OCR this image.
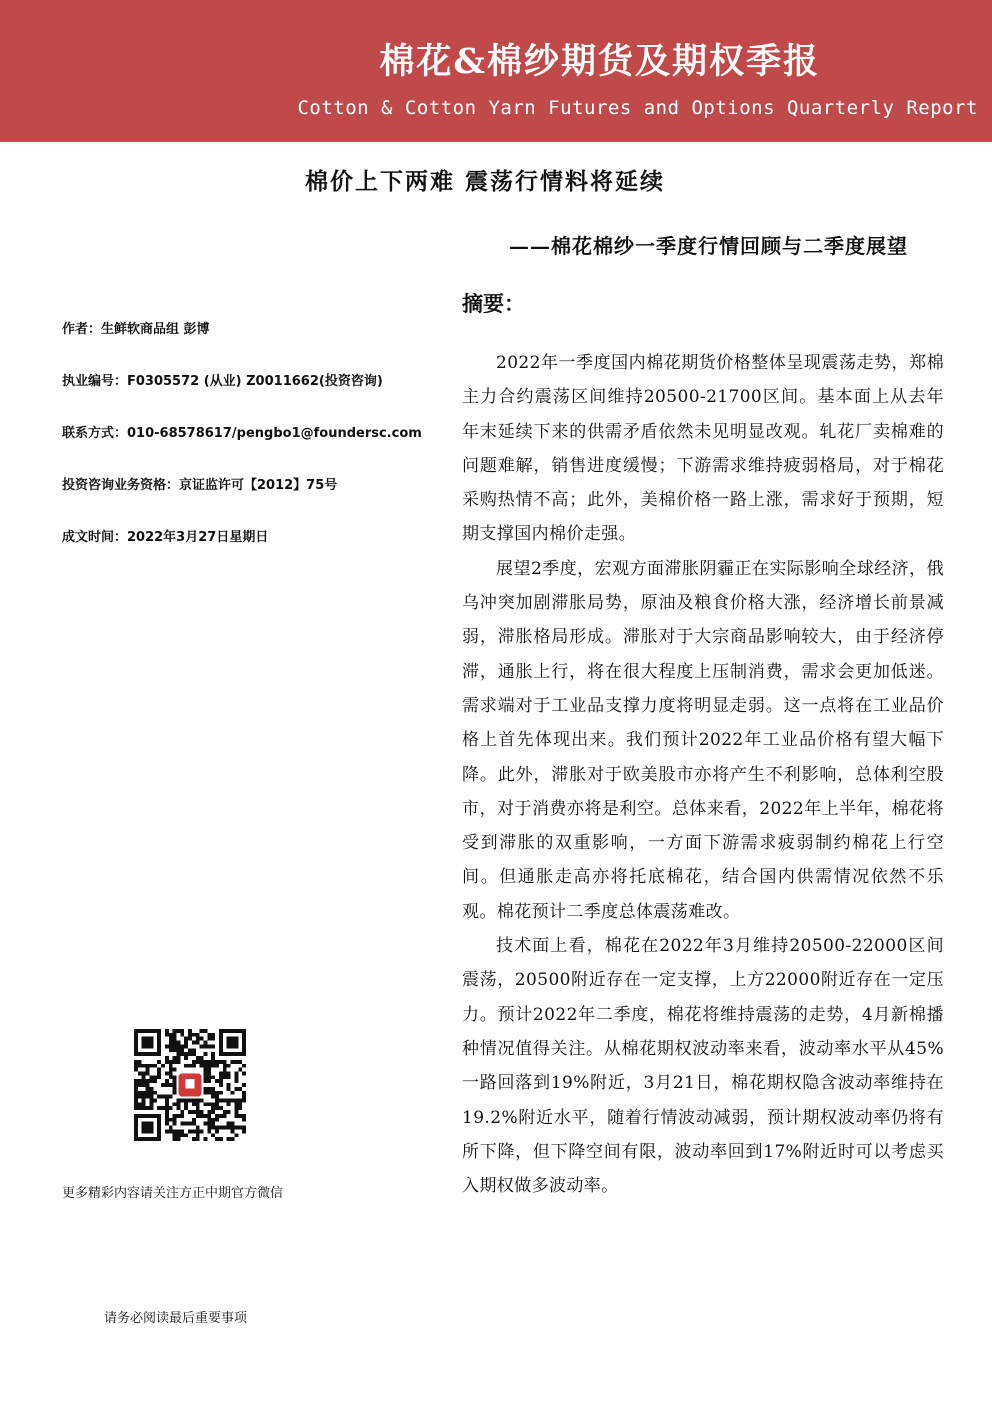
棉花&棉纱期货及期权季报
Cotton & Cotton Yarn Futures and Options Quarterly Report
棉价上下两难 震荡行情料将延续
——棉花棉纱一季度行情回顾与二季度展望
摘要：
作者：生鲜软商品组 彭博
执业编号：F0305572 (从业) Z0011662(投资咨询)
联系方式：010-68578617/pengbo1@foundersc.com
投资咨询业务资格：京证监许可【2012】75号
成文时间：2022年3月27日星期日

2022年一季度国内棉花期货价格整体呈现震荡走势，郑棉主力合约震荡区间维持20500-21700区间。基本面上从去年年末延续下来的供需矛盾依然未见明显改观。轧花厂卖棉难的问题难解，销售进度缓慢；下游需求维持疲弱格局，对于棉花采购热情不高；此外，美棉价格一路上涨，需求好于预期，短期支撑国内棉价走强。

展望2季度，宏观方面滞胀阴霾正在实际影响全球经济，俄乌冲突加剧滞胀局势，原油及粮食价格大涨，经济增长前景减弱，滞胀格局形成。滞胀对于大宗商品影响较大，由于经济停滞，通胀上行，将在很大程度上压制消费，需求会更加低迷。需求端对于工业品支撑力度将明显走弱。这一点将在工业品价格上首先体现出来。我们预计2022年工业品价格有望大幅下降。此外，滞胀对于欧美股市亦将产生不利影响，总体利空股市，对于消费亦将是利空。总体来看，2022年上半年，棉花将受到滞胀的双重影响，一方面下游需求疲弱制约棉花上行空间。但通胀走高亦将托底棉花，结合国内供需情况依然不乐观。棉花预计二季度总体震荡难改。

技术面上看，棉花在2022年3月维持20500-22000区间震荡，20500附近存在一定支撑，上方22000附近存在一定压力。预计2022年二季度，棉花将维持震荡的走势，4月新棉播种情况值得关注。从棉花期权波动率来看，波动率水平从45%一路回落到19%附近，3月21日，棉花期权隐含波动率维持在19.2%附近水平，随着行情波动减弱，预计期权波动率仍将有所下降，但下降空间有限，波动率回到17%附近时可以考虑买入期权做多波动率。

更多精彩内容请关注方正中期官方微信
请务必阅读最后重要事项
